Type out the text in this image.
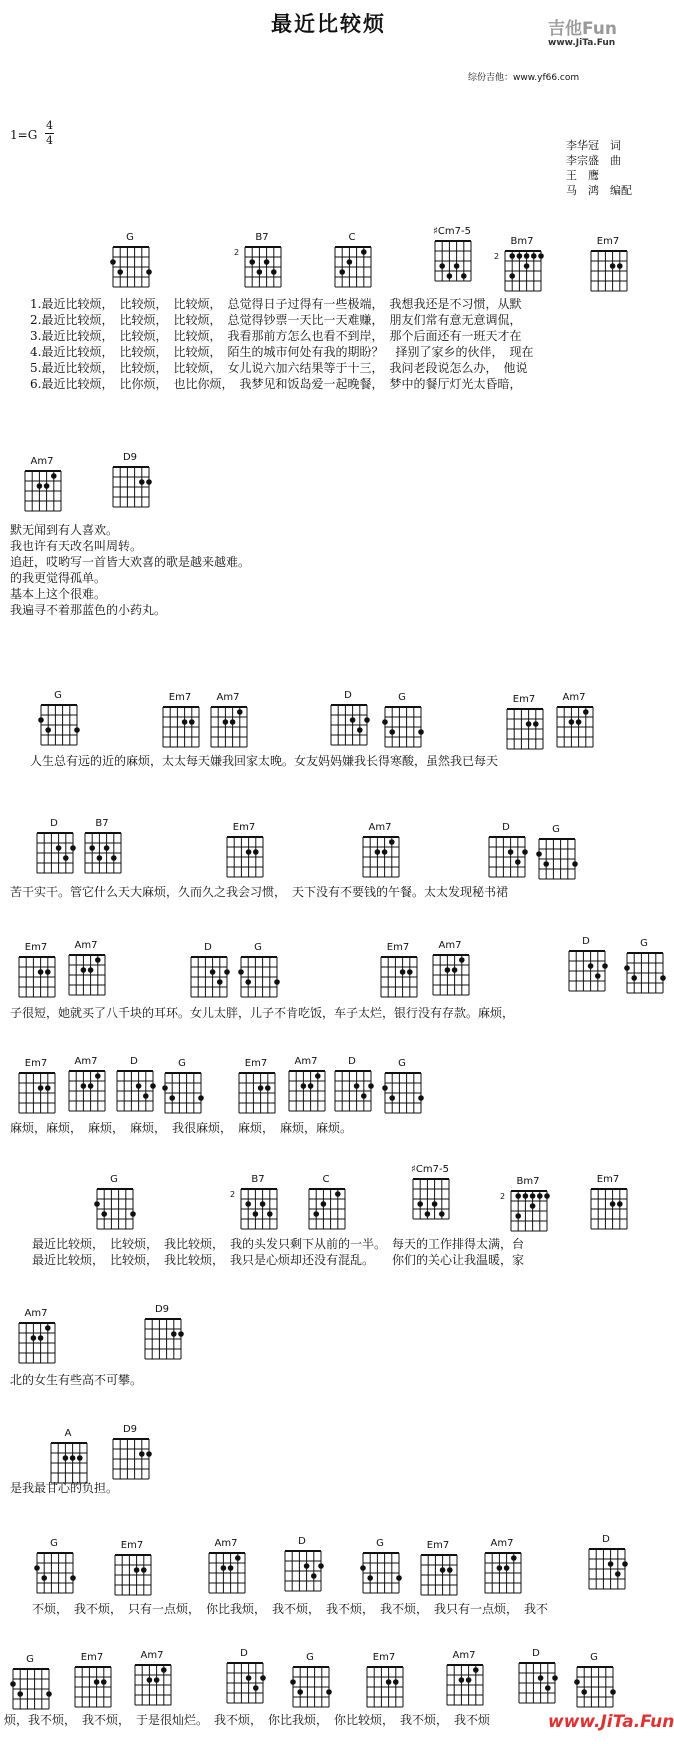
最近比较烦	吉他Fun
www.JiTa.Fun
综份吉他：www.yf66.com
1=G
4
4	李华冠　词
李宗盛　曲
王　鹰
马　鸿　编配
G	B7
2
C
♯Cm7-5
Bm7
2
Em7
1.最近比较烦，　比较烦，　比较烦，　总觉得日子过得有一些极端，　我想我还是不习惯，从默
2.最近比较烦，　比较烦，　比较烦，　总觉得钞票一天比一天难赚，　朋友们常有意无意调侃，
3.最近比较烦，　比较烦，　比较烦，　我看那前方怎么也看不到岸，　那个后面还有一班天才在
4.最近比较烦，　比较烦，　比较烦，　陌生的城市何处有我的期盼？　择别了家乡的伙伴，　现在
5.最近比较烦，　比较烦，　比较烦，　女儿说六加六结果等于十三，　我问老段说怎么办，　他说
6.最近比较烦，　比你烦，　也比你烦，　我梦见和饭岛爱一起晚餐，　梦中的餐厅灯光太昏暗，
Am7	D9
默无闻到有人喜欢。
我也许有天改名叫周转。
追赶，哎哟写一首皆大欢喜的歌是越来越难。
的我更觉得孤单。
基本上这个很难。
我遍寻不着那蓝色的小药丸。
G	Em7	Am7	D	G	Em7	Am7
人生总有远的近的麻烦，太太每天嫌我回家太晚。女友妈妈嫌我长得寒酸，虽然我已每天
D	B7	Em7	Am7	D	G
苦干实干。管它什么天大麻烦，久而久之我会习惯，　天下没有不要钱的午餐。太太发现秘书裙
Em7	Am7	D	G	Em7	Am7	D	G
子很短，她就买了八千块的耳环。女儿太胖，儿子不肯吃饭，车子太烂，银行没有存款。麻烦，
Em7	Am7	D	G	Em7	Am7	D	G
麻烦，麻烦，　麻烦，　麻烦，　我很麻烦，　麻烦，　麻烦，麻烦。
G	B7
2
C
♯Cm7-5
Bm7
2
Em7
最近比较烦，　比较烦，　我比较烦，　我的头发只剩下从前的一半。　每天的工作排得太满，台
最近比较烦，　比较烦，　我比较烦，　我只是心烦却还没有混乱。　　你们的关心让我温暖，家
Am7	D9
北的女生有些高不可攀。
A	D9
是我最甘心的负担。
G	Em7	Am7	D	G	Em7	Am7	D
不烦，　我不烦，　只有一点烦，　你比我烦，　我不烦，　我不烦，　我不烦，　我只有一点烦，　我不
G	Em7	Am7	D	G	Em7	Am7	D	G
烦，我不烦，　我不烦，　于是很灿烂。　我不烦，　你比我烦，　你比较烦，　我不烦，　我不烦	www.JiTa.Fun
